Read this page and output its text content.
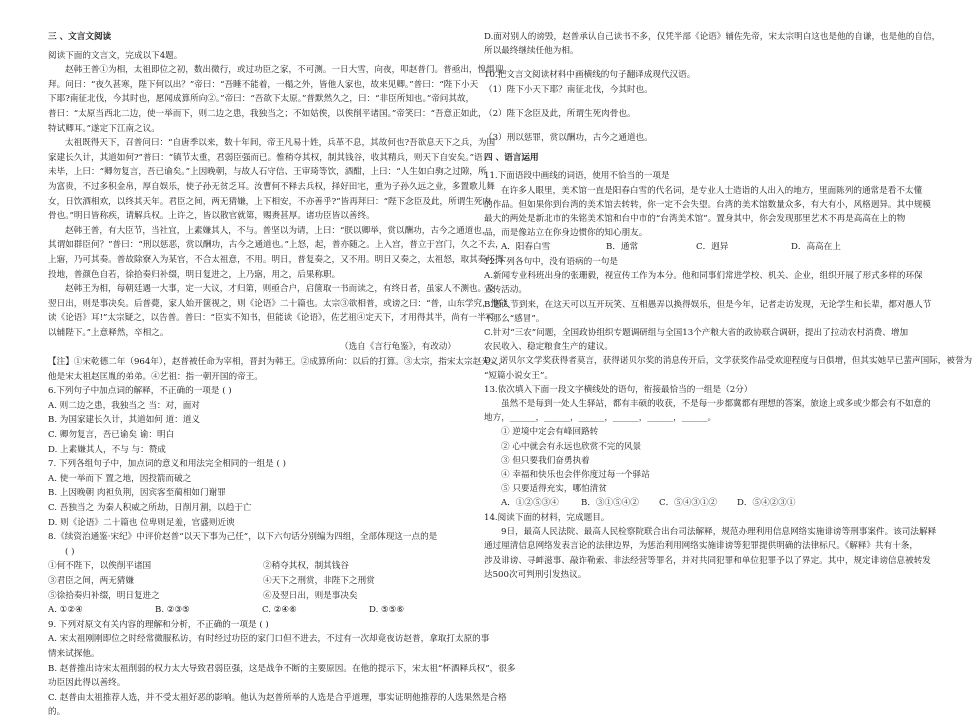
三 、文言文阅读
阅读下面的文言文，完成以下4题。
赵韩王普①为相，太祖即位之初，数出微行，或过功臣之家，不可测。一日大雪，向夜，叩赵普门。普亟出，惶惧迎
拜。问曰：“夜久甚寒，陛下何以出？”帝曰：“吾睡不能着，一榻之外，皆他人家也，故来见卿。”普曰：“陛下小天
下耶?南征北伐，今其时也，愿闻成算所向②。”帝曰：“吾欲下太原。”普默然久之，曰：“非臣所知也。”帝问其故，
普曰：“太原当西北二边，使一举而下，则二边之患，我独当之；不如姑俟，以俟削平诸国。”帝笑曰：“吾意正如此，
特试卿耳。”遂定下江南之议。
太祖既得天下，召普问曰：“自唐季以来，数十年间，帝王凡易十姓，兵革不息，其故何也?吾欲息天下之兵，为国
家建长久计，其道如何?”普曰：“镇节太重，君弱臣强而已。惟稍夺其权，制其钱谷，收其精兵，则天下自安矣。”语
未毕，上曰：“卿勿复言，吾已谕矣。”上因晚朝，与故人石守信、王审琦等饮，酒酣，上曰：“人生如白驹之过隙，所
为富贵，不过多积金帛，厚自娱乐，使子孙无贫乏耳。汝曹何不释去兵权，择好田宅，重为子孙久远之业，多置歌儿舞
女，日饮酒相欢，以终其天年。君臣之间，两无猜嫌，上下相安，不亦善乎?”皆再拜曰：“陛下念臣及此，所谓生死肉
骨也。”明日皆称疾，请解兵权。上许之，皆以散官就第，赐赉甚厚。诸功臣皆以善终。
赵韩王普，有大臣节，当社宜，上素嫌其人，不与。普坚以为请，上曰：“朕以卿举，赏以酬功，古今之通道也，
其谓如群臣何？”普曰：“刑以惩恶，赏以酬功，古今之通道也。”上怒，起，普亦随之。上入宫，普立于宫门，久之不去，
上寤，乃可其奏。普故除寮入为某官，不合太祖意，不用。明日，普复奏之，又不用。明日又奏之，太祖怒，取其奏坏掷
投地，普颜色自若，徐拾奏归补缀，明日复进之，上乃寤，用之，后果称职。
赵韩王为相，每朝廷遇一大事，定一大议，才归第，则亟合户，启箧取一书而读之，有终日者，虽家人不测也。及
翌日出，则是事决矣。后普薨，家人始开箧视之，则《论语》二十篇也。太宗③欲相普，或谤之曰：“普，山东学究，惟能
读《论语》耳!”太宗疑之，以告普。普曰：“臣实不知书，但能读《论语》，佐艺祖④定天下，才用得其半，尚有一半可
以辅陛下。”上意释然，卒相之。
（选自《言行龟鉴》，有改动）
【注】①宋乾德二年（964年），赵普被任命为宰相，晋封为韩王。②成算所向：以后的打算。③太宗，指宋太宗赵光义，
他是宋太祖赵匡胤的弟弟。④艺祖：指一朝开国的帝王。
6.下列句子中加点词的解释，不正确的一项是 ( )
A. 则二边之患，我独当之 当：对，面对
B. 为国家建长久计，其道如何 道：道义
C. 卿勿复言，吾已谕矣 谕：明白
D. 上素嫌其人，不与 与：赞成
7. 下列各组句子中，加点词的意义和用法完全相同的一组是 ( )
A. 使一举而下 置之地，因投箭而破之
B. 上因晚朝 肉袒负荆，因宾客至蔺相如门谢罪
C. 吾独当之 为秦人积威之所劫，日削月割，以趋于亡
D. 则《论语》二十篇也 位卑则足羞，官盛则近谀
8.《续资治通鉴·宋纪》中评价赵普“以天下事为己任”，以下六句话分别编为四组，全部体现这一点的是
( )
①何不陛下，以俟削平诸国	②稍夺其权，制其钱谷
③君臣之间，两无猜嫌	④天下之刑赏，非陛下之刑赏
⑤徐拾奏归补缀，明日复进之	⑥及翌日出，则是事决矣
A. ①②④	B. ②③⑤	C. ②④⑥	D. ⑤⑤⑥
9. 下列对原文有关内容的理解和分析，不正确的一项是 ( )
A. 宋太祖刚刚即位之时经常微服私访，有时经过功臣的家门口但不进去，不过有一次却竟夜访赵普，拿取打太原的事
情来试探他。
B. 赵普推出诗宋太祖削弱的权力太大导致君弱臣强，这是战争不断的主要原因。在他的提示下，宋太祖“杯酒释兵权”，很多
功臣因此得以善终。
C. 赵普由太祖推荐人选，并不受太祖好恶的影响。他认为赵普所举的人选是合乎道理，事实证明他推荐的人选果然是合格
的。
D.面对别人的谤毁，赵普承认自己读书不多，仅凭半部《论语》辅佐先帝，宋太宗明白这也是他的自谦，也是他的自信，
所以最终继续任他为相。
10.把文言文阅读材料中画横线的句子翻译成现代汉语。
（1）陛下小天下耶？南征北伐，今其时也。
（2）陛下念臣及此，所谓生死肉骨也。
（3）刑以惩罪，赏以酬功，古今之通道也。
四 、语言运用
11.下面语段中画线的词语，使用不恰当的一项是
在许多人眼里，美术馆一直是阳春白雪的代名词，是专业人士造诣的人出入的地方，里面陈列的通常是看不太懂
的作品。但如果你到台湾的美术馆去转转，你一定不会失望。台湾的美术馆数量众多，有大有小，风格迥异。其中规模
最大的两处是新北市的朱铭美术馆和台中市的“台湾美术馆”。置身其中，你会发现那里艺术不再是高高在上的物
品，而是像站立在你身边惯你的知心朋友。
A．阳春白雪	B．通常	C．迥异	D．高高在上
12.下列各句中，没有语病的一句是
A.新闻专业科班出身的张珊毅，视宣传工作为本分。他和同事们常进学校、机关、企业，组织开展了形式多样的环保
宣传活动。
B.愚人节到来，在这天可以互开玩笑、互相愚弄以换得娱乐，但是今年，记者走访发现，无论学生和长辈，都对愚人节
不那么“感冒”。
C.针对“三农”问题，全国政协组织专题调研组与全国13个产粮大省的政协联合调研，提出了拉动农村消费、增加
农民收入、稳定粮食生产的建议。
D．诺贝尔文学奖获得者莫言，获得诺贝尔奖的消息传开后，文学获奖作品受欢迎程度与日俱增，但其实她早已蜚声国际，被誉为
“短篇小说女王”。
13.依次填入下面一段文字横线处的语句，衔接最恰当的一组是（2分）
虽然不是每到一处人生驿站，都有丰硕的收获，不是每一步都冀都有理想的答案，旅途上或多或少都会有不如意的
地方，______，______，______，______，______，______。
① 逆境中定会有峰回路转
② 心中就会有永远也欣赏不完的风景
③ 但只要我们奋勇执着
④ 幸福和快乐也会伴你度过每一个驿站
⑤ 只要适得充实，哪怕清贫
A．①②⑤③④	B．③①⑤④②	C．⑤④③①②	D．⑤④②③①
14.阅读下面的材料，完成题目。
9日，最高人民法院、最高人民检察院联合出台司法解释，规范办理利用信息网络实施诽谤等刑事案件。该司法解释
通过厘清信息网络发表言论的法律边界，为惩治利用网络实施诽谤等犯罪提供明确的法律标尺。《解释》共有十条，
涉及诽谤、寻衅滋事、敲诈勒索、非法经营等罪名，并对共同犯罪和单位犯罪予以了界定。其中，规定诽谤信息被转发
达500次可判刑引发热议。
